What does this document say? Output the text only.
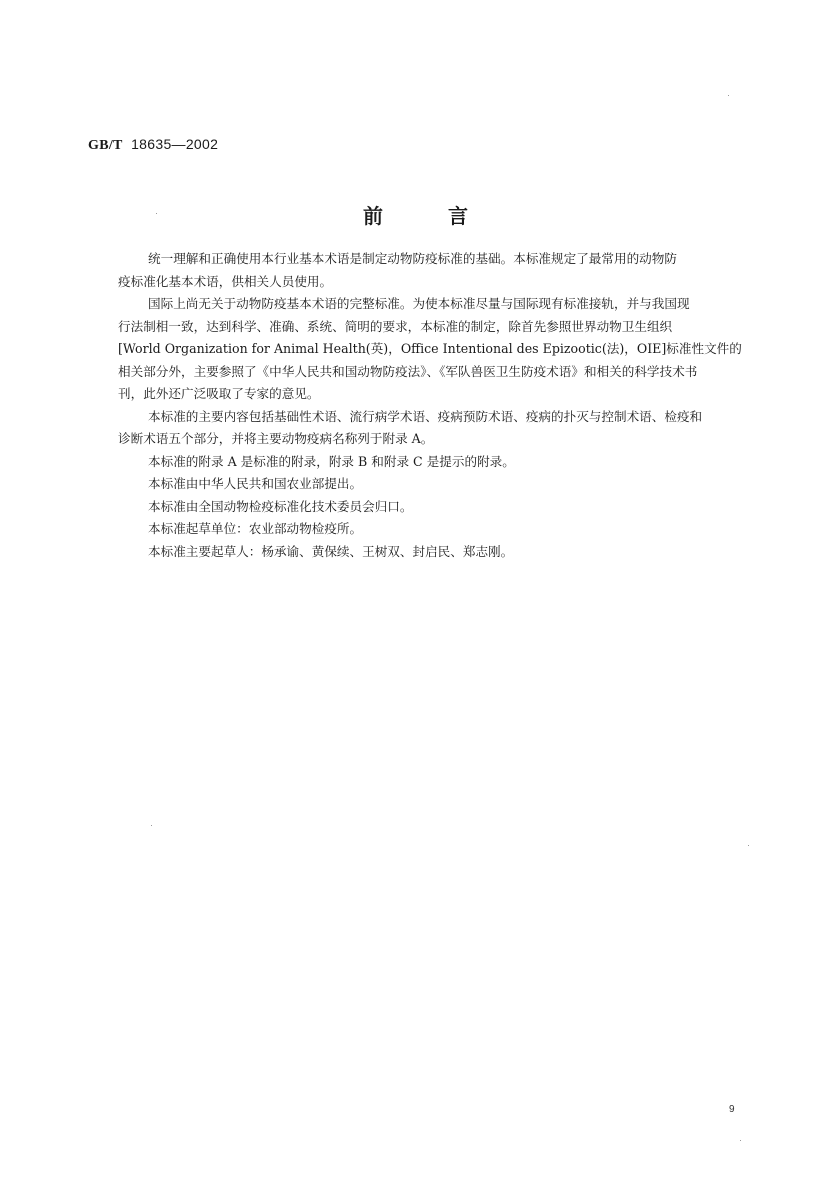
GB/T 18635—2002
前	言
统一理解和正确使用本行业基本术语是制定动物防疫标准的基础。本标准规定了最常用的动物防
疫标准化基本术语，供相关人员使用。
国际上尚无关于动物防疫基本术语的完整标准。为使本标准尽量与国际现有标准接轨，并与我国现
行法制相一致，达到科学、准确、系统、简明的要求，本标准的制定，除首先参照世界动物卫生组织
[World Organization for Animal Health(英)，Office Intentional des Epizootic(法)，OIE]标准性文件的
相关部分外，主要参照了《中华人民共和国动物防疫法》、《军队兽医卫生防疫术语》和相关的科学技术书
刊，此外还广泛吸取了专家的意见。
本标准的主要内容包括基础性术语、流行病学术语、疫病预防术语、疫病的扑灭与控制术语、检疫和
诊断术语五个部分，并将主要动物疫病名称列于附录 A。
本标准的附录 A 是标准的附录，附录 B 和附录 C 是提示的附录。
本标准由中华人民共和国农业部提出。
本标准由全国动物检疫标准化技术委员会归口。
本标准起草单位：农业部动物检疫所。
本标准主要起草人：杨承谕、黄保续、王树双、封启民、郑志刚。
9
